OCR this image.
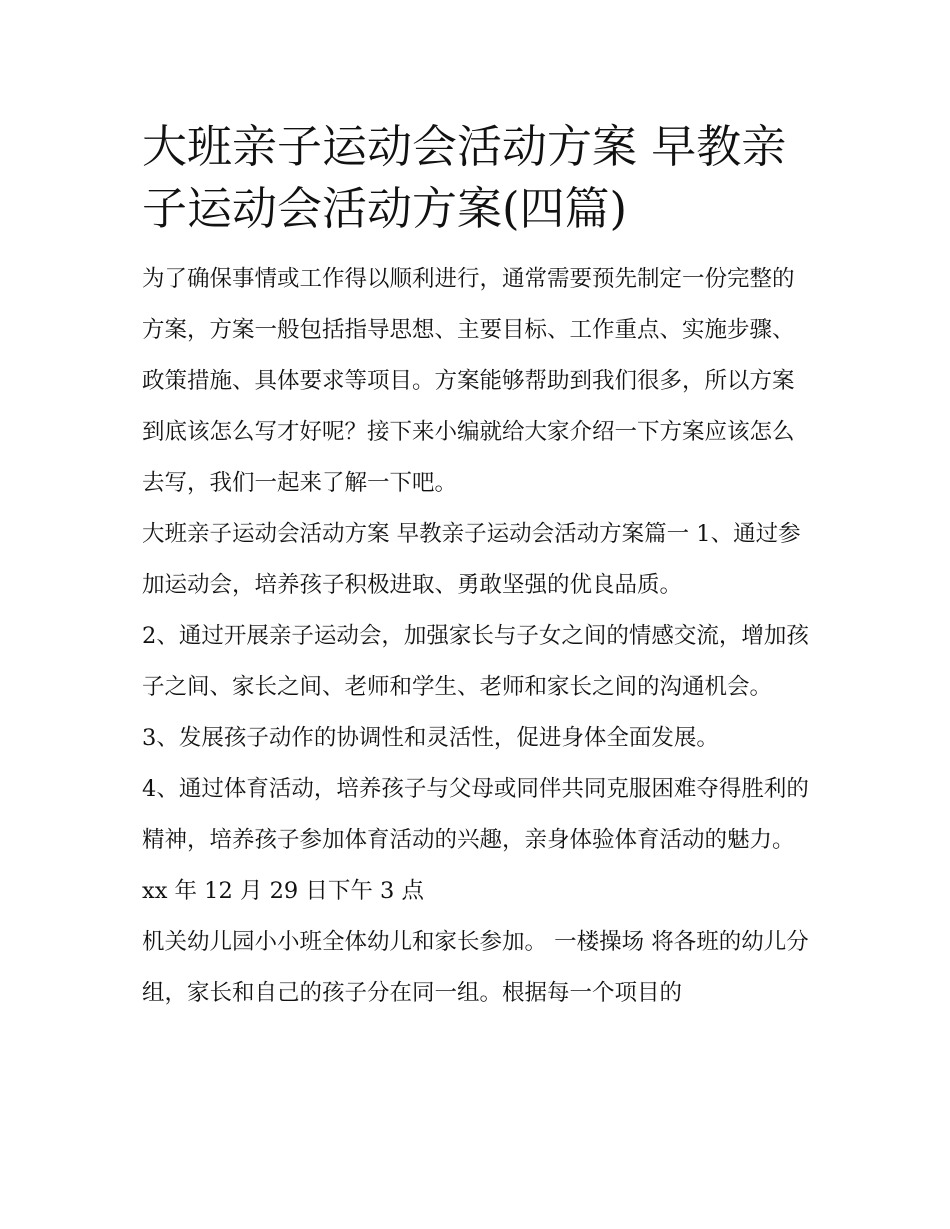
大班亲子运动会活动方案 早教亲子运动会活动方案(四篇)

为了确保事情或工作得以顺利进行，通常需要预先制定一份完整的方案，方案一般包括指导思想、主要目标、工作重点、实施步骤、政策措施、具体要求等项目。方案能够帮助到我们很多，所以方案到底该怎么写才好呢？接下来小编就给大家介绍一下方案应该怎么去写，我们一起来了解一下吧。

大班亲子运动会活动方案 早教亲子运动会活动方案篇一 1、通过参加运动会，培养孩子积极进取、勇敢坚强的优良品质。

2、通过开展亲子运动会，加强家长与子女之间的情感交流，增加孩子之间、家长之间、老师和学生、老师和家长之间的沟通机会。

3、发展孩子动作的协调性和灵活性，促进身体全面发展。

4、通过体育活动，培养孩子与父母或同伴共同克服困难夺得胜利的精神，培养孩子参加体育活动的兴趣，亲身体验体育活动的魅力。 xx 年 12 月 29 日下午 3 点

机关幼儿园小小班全体幼儿和家长参加。 一楼操场 将各班的幼儿分组，家长和自己的孩子分在同一组。根据每一个项目的
